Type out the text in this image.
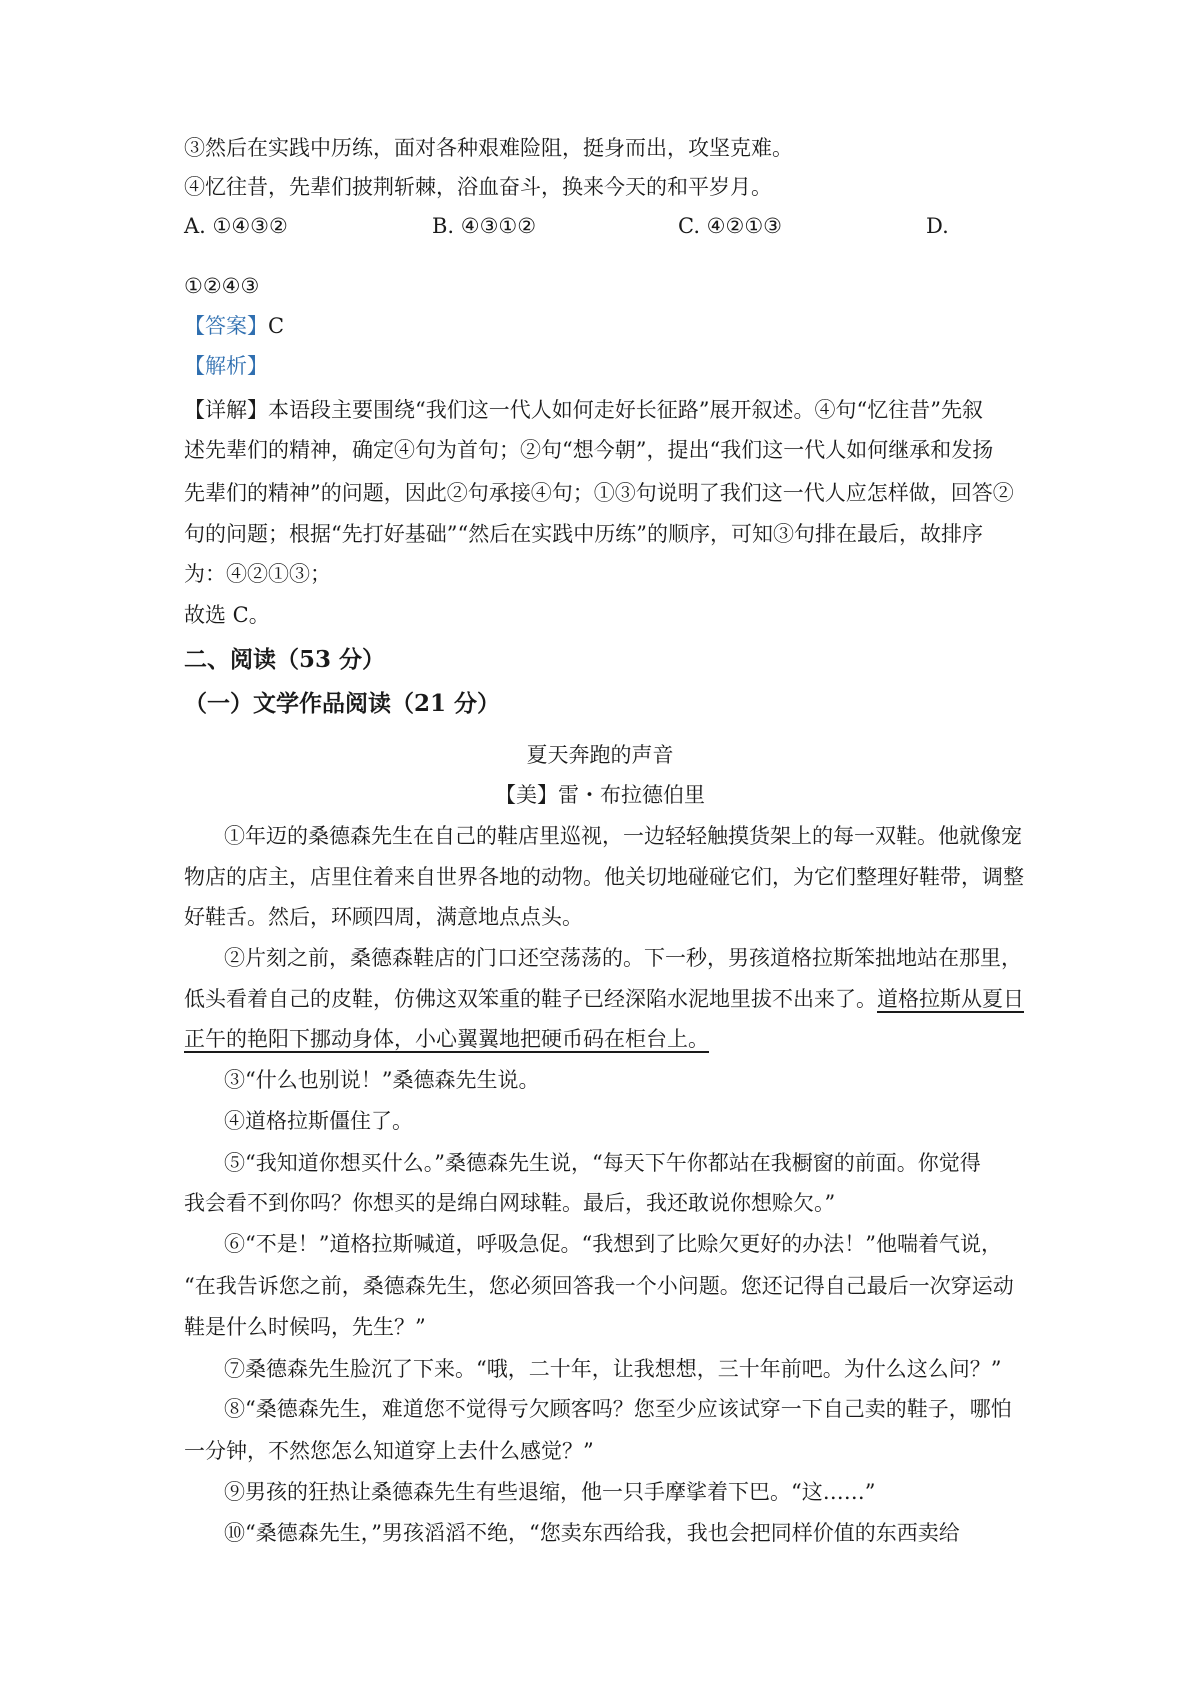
③然后在实践中历练，面对各种艰难险阻，挺身而出，攻坚克难。
④忆往昔，先辈们披荆斩棘，浴血奋斗，换来今天的和平岁月。
A. ①④③②	B. ④③①②	C. ④②①③	D.
①②④③
【答案】C
【解析】
【详解】本语段主要围绕“我们这一代人如何走好长征路”展开叙述。④句“忆往昔”先叙
述先辈们的精神，确定④句为首句；②句“想今朝”，提出“我们这一代人如何继承和发扬
先辈们的精神”的问题，因此②句承接④句；①③句说明了我们这一代人应怎样做，回答②
句的问题；根据“先打好基础”“然后在实践中历练”的顺序，可知③句排在最后，故排序
为：④②①③；
故选 C。
二、阅读（53 分）
（一）文学作品阅读（21 分）
夏天奔跑的声音
【美】雷・布拉德伯里
①年迈的桑德森先生在自己的鞋店里巡视，一边轻轻触摸货架上的每一双鞋。他就像宠
物店的店主，店里住着来自世界各地的动物。他关切地碰碰它们，为它们整理好鞋带，调整
好鞋舌。然后，环顾四周，满意地点点头。
②片刻之前，桑德森鞋店的门口还空荡荡的。下一秒，男孩道格拉斯笨拙地站在那里，
低头看着自己的皮鞋，仿佛这双笨重的鞋子已经深陷水泥地里拔不出来了。道格拉斯从夏日
正午的艳阳下挪动身体，小心翼翼地把硬币码在柜台上。
③“什么也别说！”桑德森先生说。
④道格拉斯僵住了。
⑤“我知道你想买什么。”桑德森先生说，“每天下午你都站在我橱窗的前面。你觉得
我会看不到你吗？你想买的是绵白网球鞋。最后，我还敢说你想赊欠。”
⑥“不是！”道格拉斯喊道，呼吸急促。“我想到了比赊欠更好的办法！”他喘着气说，
“在我告诉您之前，桑德森先生，您必须回答我一个小问题。您还记得自己最后一次穿运动
鞋是什么时候吗，先生？”
⑦桑德森先生脸沉了下来。“哦，二十年，让我想想，三十年前吧。为什么这么问？”
⑧“桑德森先生，难道您不觉得亏欠顾客吗？您至少应该试穿一下自己卖的鞋子，哪怕
一分钟，不然您怎么知道穿上去什么感觉？”
⑨男孩的狂热让桑德森先生有些退缩，他一只手摩挲着下巴。“这……”
⑩“桑德森先生，”男孩滔滔不绝，“您卖东西给我，我也会把同样价值的东西卖给
